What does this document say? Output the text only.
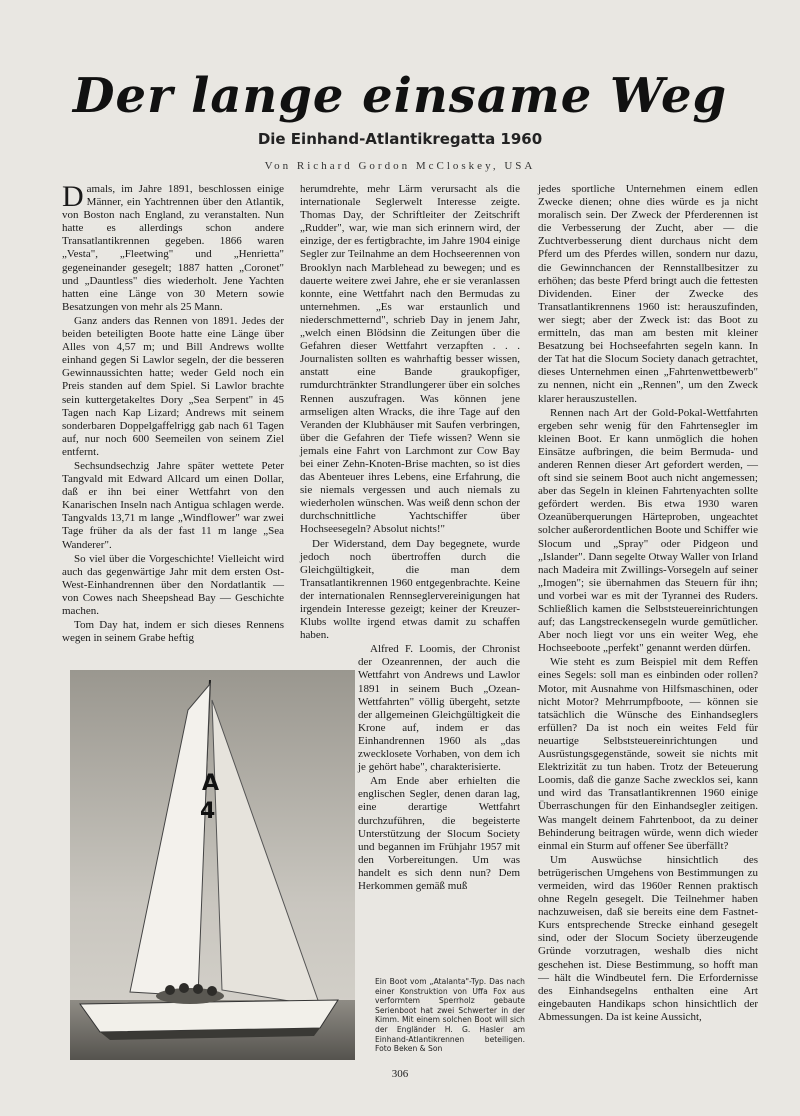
Der lange einsame Weg
Die Einhand-Atlantikregatta 1960
Von Richard Gordon McCloskey, USA

Damals, im Jahre 1891, beschlossen einige Männer, ein Yachtrennen über den Atlantik, von Boston nach England, zu veranstalten. Nun hatte es allerdings schon andere Transatlantikrennen gegeben. 1866 waren „Vesta", „Fleetwing" und „Henrietta" gegeneinander gesegelt; 1887 hatten „Coronet" und „Dauntless" dies wiederholt. Jene Yachten hatten eine Länge von 30 Metern sowie Besatzungen von mehr als 25 Mann.

Ganz anders das Rennen von 1891. Jedes der beiden beteiligten Boote hatte eine Länge über Alles von 4,57 m; und Bill Andrews wollte einhand gegen Si Lawlor segeln, der die besseren Gewinnaussichten hatte; weder Geld noch ein Preis standen auf dem Spiel. Si Lawlor brachte sein kuttergetakeltes Dory „Sea Serpent" in 45 Tagen nach Kap Lizard; Andrews mit seinem sonderbaren Doppelgaffelrigg gab nach 61 Tagen auf, nur noch 600 Seemeilen von seinem Ziel entfernt.

Sechsundsechzig Jahre später wettete Peter Tangvald mit Edward Allcard um einen Dollar, daß er ihn bei einer Wettfahrt von den Kanarischen Inseln nach Antigua schlagen werde. Tangvalds 13,71 m lange „Windflower" war zwei Tage früher da als der fast 11 m lange „Sea Wanderer".

So viel über die Vorgeschichte! Vielleicht wird auch das gegenwärtige Jahr mit dem ersten Ost-West-Einhandrennen über den Nordatlantik — von Cowes nach Sheepshead Bay — Geschichte machen.

Tom Day hat, indem er sich dieses Rennens wegen in seinem Grabe heftig

herumdrehte, mehr Lärm verursacht als die internationale Seglerwelt Interesse zeigte. Thomas Day, der Schriftleiter der Zeitschrift „Rudder", war, wie man sich erinnern wird, der einzige, der es fertigbrachte, im Jahre 1904 einige Segler zur Teilnahme an dem Hochseerennen von Brooklyn nach Marblehead zu bewegen; und es dauerte weitere zwei Jahre, ehe er sie veranlassen konnte, eine Wettfahrt nach den Bermudas zu unternehmen. „Es war erstaunlich und niederschmetternd", schrieb Day in jenem Jahr, „welch einen Blödsinn die Zeitungen über die Gefahren dieser Wettfahrt verzapften . . . Journalisten sollten es wahrhaftig besser wissen, anstatt eine Bande graukopfiger, rumdurchtränkter Strandlungerer über ein solches Rennen auszufragen. Was können jene armseligen alten Wracks, die ihre Tage auf den Veranden der Klubhäuser mit Saufen verbringen, über die Gefahren der Tiefe wissen? Wenn sie jemals eine Fahrt von Larchmont zur Cow Bay bei einer Zehn-Knoten-Brise machten, so ist dies das Abenteuer ihres Lebens, eine Erfahrung, die sie niemals vergessen und auch niemals zu wiederholen wünschen. Was weiß denn schon der durchschnittliche Yachtschiffer über Hochseesegeln? Absolut nichts!"

Der Widerstand, dem Day begegnete, wurde jedoch noch übertroffen durch die Gleichgültigkeit, die man dem Transatlantikrennen 1960 entgegenbrachte. Keine der internationalen Rennseglervereinigungen hat irgendein Interesse gezeigt; keiner der Kreuzer-Klubs wollte irgend etwas damit zu schaffen haben.

Alfred F. Loomis, der Chronist der Ozeanrennen, der auch die Wettfahrt von Andrews und Lawlor 1891 in seinem Buch „Ozean-Wettfahrten" völlig übergeht, setzte der allgemeinen Gleichgültigkeit die Krone auf, indem er das Einhandrennen 1960 als „das zwecklosete Vorhaben, von dem ich je gehört habe", charakterisierte.

Am Ende aber erhielten die englischen Segler, denen daran lag, eine derartige Wettfahrt durchzuführen, die begeisterte Unterstützung der Slocum Society und begannen im Frühjahr 1957 mit den Vorbereitungen. Um was handelt es sich denn nun? Dem Herkommen gemäß muß

jedes sportliche Unternehmen einem edlen Zwecke dienen; ohne dies würde es ja nicht moralisch sein. Der Zweck der Pferderennen ist die Verbesserung der Zucht, aber — die Zuchtverbesserung dient durchaus nicht dem Pferd um des Pferdes willen, sondern nur dazu, die Gewinnchancen der Rennstallbesitzer zu erhöhen; das beste Pferd bringt auch die fettesten Dividenden. Einer der Zwecke des Transatlantikrennens 1960 ist: herauszufinden, wer siegt; aber der Zweck ist: das Boot zu ermitteln, das man am besten mit kleiner Besatzung bei Hochseefahrten segeln kann. In der Tat hat die Slocum Society danach getrachtet, dieses Unternehmen einen „Fahrtenwettbewerb" zu nennen, nicht ein „Rennen", um den Zweck klarer herauszustellen.

Rennen nach Art der Gold-Pokal-Wettfahrten ergeben sehr wenig für den Fahrtensegler im kleinen Boot. Er kann unmöglich die hohen Einsätze aufbringen, die beim Bermuda- und anderen Rennen dieser Art gefordert werden, — oft sind sie seinem Boot auch nicht angemessen; aber das Segeln in kleinen Fahrtenyachten sollte gefördert werden. Bis etwa 1930 waren Ozeanüberquerungen Härteproben, ungeachtet solcher außerordentlichen Boote und Schiffer wie Slocum und „Spray" oder Pidgeon und „Islander". Dann segelte Otway Waller von Irland nach Madeira mit Zwillings-Vorsegeln auf seiner „Imogen"; sie übernahmen das Steuern für ihn; und vorbei war es mit der Tyrannei des Ruders. Schließlich kamen die Selbststeuereinrichtungen auf; das Langstreckensegeln wurde gemütlicher. Aber noch liegt vor uns ein weiter Weg, ehe Hochseeboote „perfekt" genannt werden dürfen.

Wie steht es zum Beispiel mit dem Reffen eines Segels: soll man es einbinden oder rollen? Motor, mit Ausnahme von Hilfsmaschinen, oder nicht Motor? Mehrrumpfboote, — können sie tatsächlich die Wünsche des Einhandseglers erfüllen? Da ist noch ein weites Feld für neuartige Selbststeuereinrichtungen und Ausrüstungsgegenstände, soweit sie nichts mit Elektrizität zu tun haben. Trotz der Beteuerung Loomis, daß die ganze Sache zwecklos sei, kann und wird das Transatlantikrennen 1960 einige Überraschungen für den Einhandsegler zeitigen. Was mangelt deinem Fahrtenboot, da zu deiner Behinderung beitragen würde, wenn dich wieder einmal ein Sturm auf offener See überfällt?

Um Auswüchse hinsichtlich des betrügerischen Umgehens von Bestimmungen zu vermeiden, wird das 1960er Rennen praktisch ohne Regeln gesegelt. Die Teilnehmer haben nachzuweisen, daß sie bereits eine dem Fastnet-Kurs entsprechende Strecke einhand gesegelt sind, oder der Slocum Society überzeugende Gründe vorzutragen, weshalb dies nicht geschehen ist. Diese Bestimmung, so hofft man — hält die Windbeutel fern. Die Erfordernisse des Einhandsegelns enthalten eine Art eingebauten Handikaps schon hinsichtlich der Abmessungen. Da ist keine Aussicht,

A
4
Ein Boot vom „Atalanta"-Typ. Das nach einer Konstruktion von Uffa Fox aus verformtem Sperrholz gebaute Serienboot hat zwei Schwerter in der Kimm. Mit einem solchen Boot will sich der Engländer H. G. Hasler am Einhand-Atlantikrennen beteiligen. Foto Beken & Son
306
